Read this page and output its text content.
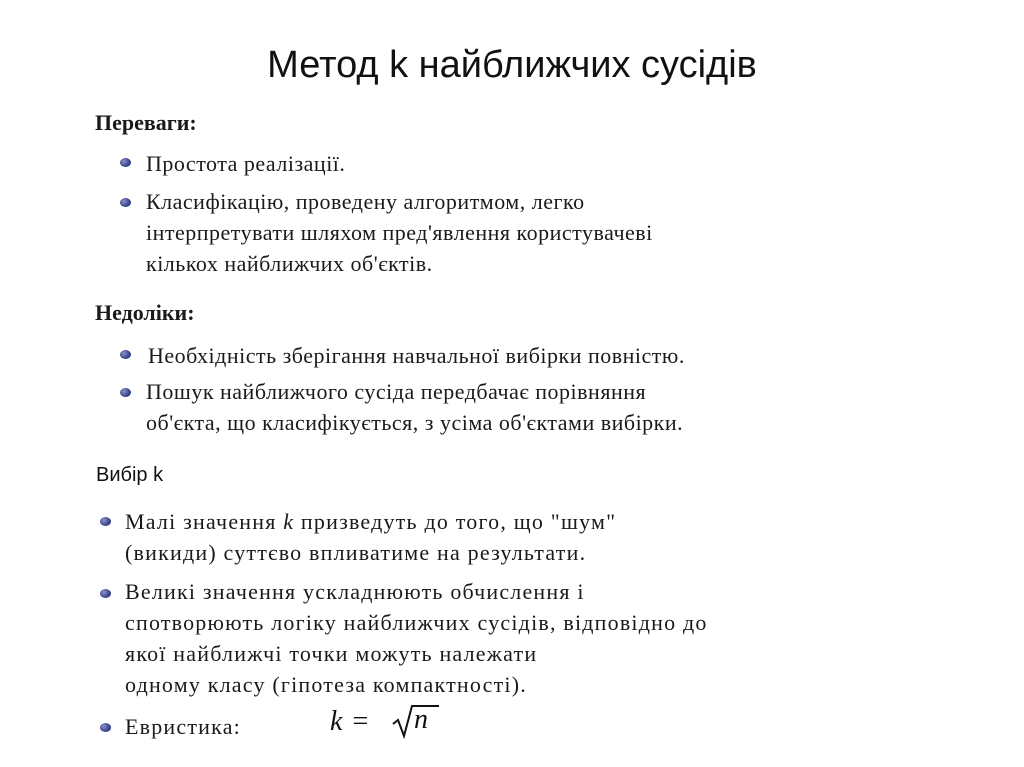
Метод k найближчих сусідів
Переваги:
Простота реалізації.
Класифікацію, проведену алгоритмом, легко
інтерпретувати шляхом пред'явлення користувачеві
кількох найближчих об'єктів.
Недоліки:
Необхідність зберігання навчальної вибірки повністю.
Пошук найближчого сусіда передбачає порівняння
об'єкта, що класифікується, з усіма об'єктами вибірки.
Вибір k
Малі значення k призведуть до того, що "шум"
(викиди) суттєво впливатиме на результати.
Великі значення ускладнюють обчислення і
спотворюють логіку найближчих сусідів, відповідно до
якої найближчі точки можуть належати
одному класу (гіпотеза компактності).
Евристика:	k = n
